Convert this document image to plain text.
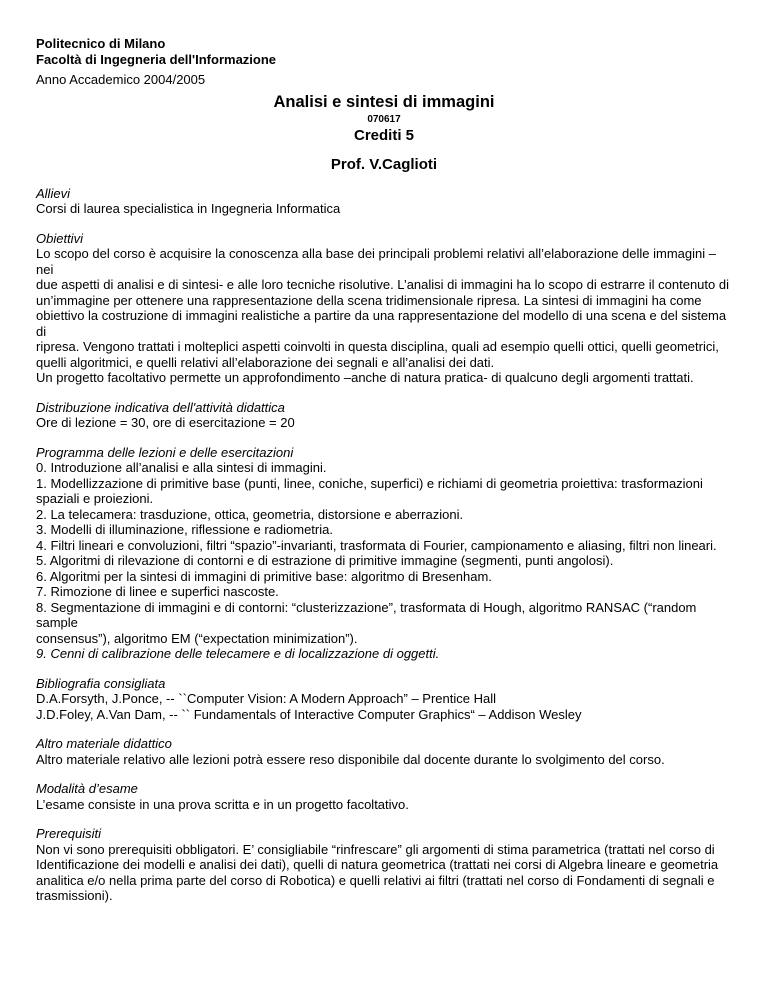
Politecnico di Milano
Facoltà di Ingegneria dell'Informazione
Anno Accademico 2004/2005
Analisi e sintesi di immagini
070617
Crediti 5
Prof. V.Caglioti
Allievi
Corsi di laurea specialistica in Ingegneria Informatica
Obiettivi
Lo scopo del corso è acquisire la conoscenza alla base dei principali problemi relativi all’elaborazione delle immagini –nei
due aspetti di analisi e di sintesi- e alle loro tecniche risolutive. L’analisi di immagini ha lo scopo di estrarre il contenuto di
un’immagine per ottenere una rappresentazione della scena tridimensionale ripresa. La sintesi di immagini ha come
obiettivo la costruzione di immagini realistiche a partire da una rappresentazione del modello di una scena e del sistema di
ripresa. Vengono trattati i molteplici aspetti coinvolti in questa disciplina, quali ad esempio quelli ottici, quelli geometrici,
quelli algoritmici, e quelli relativi all’elaborazione dei segnali e all’analisi dei dati.
Un progetto facoltativo permette un approfondimento –anche di natura pratica- di qualcuno degli argomenti trattati.
Distribuzione indicativa dell'attività didattica
Ore di lezione = 30, ore di esercitazione = 20
Programma delle lezioni e delle esercitazioni
0. Introduzione all’analisi e alla sintesi di immagini.
1. Modellizzazione di primitive base (punti, linee, coniche, superfici) e richiami di geometria proiettiva: trasformazioni
spaziali e proiezioni.
2. La telecamera: trasduzione, ottica, geometria, distorsione e aberrazioni.
3. Modelli di illuminazione, riflessione e radiometria.
4. Filtri lineari e convoluzioni, filtri “spazio”-invarianti, trasformata di Fourier, campionamento e aliasing, filtri non lineari.
5. Algoritmi di rilevazione di contorni e di estrazione di primitive immagine (segmenti, punti angolosi).
6. Algoritmi per la sintesi di immagini di primitive base: algoritmo di Bresenham.
7. Rimozione di linee e superfici nascoste.
8. Segmentazione di immagini e di contorni: “clusterizzazione”, trasformata di Hough, algoritmo RANSAC (“random sample
consensus”), algoritmo EM (“expectation minimization”).
9. Cenni di calibrazione delle telecamere e di localizzazione di oggetti.
Bibliografia consigliata
D.A.Forsyth, J.Ponce, -- ``Computer Vision: A Modern Approach” – Prentice Hall
J.D.Foley, A.Van Dam, -- `` Fundamentals of Interactive Computer Graphics“ – Addison Wesley
Altro materiale didattico
Altro materiale relativo alle lezioni potrà essere reso disponibile dal docente durante lo svolgimento del corso.
Modalità d’esame
L’esame consiste in una prova scritta e in un progetto facoltativo.
Prerequisiti
Non vi sono prerequisiti obbligatori. E’ consigliabile “rinfrescare” gli argomenti di stima parametrica (trattati nel corso di
Identificazione dei modelli e analisi dei dati), quelli di natura geometrica (trattati nei corsi di Algebra lineare e geometria
analitica e/o nella prima parte del corso di Robotica) e quelli relativi ai filtri (trattati nel corso di Fondamenti di segnali e
trasmissioni).
